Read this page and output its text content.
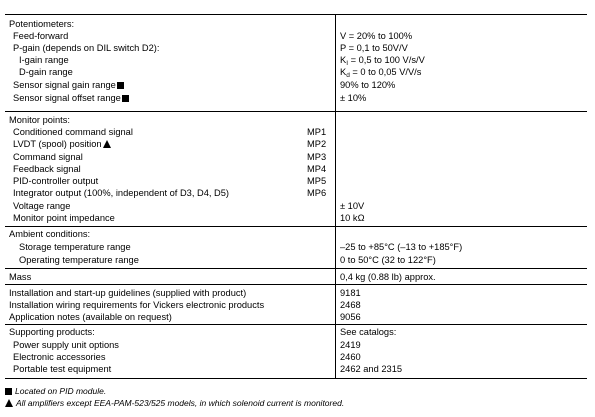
Potentiometers:
Feed-forward	V = 20% to 100%
P-gain (depends on DIL switch D2):	P = 0,1 to 50V/V
I-gain range	$K_I = 0,5$ to 100 V/s/V
D-gain range	$K_d = 0$ to 0,05 V/V/s
Sensor signal gain range	90% to 120%
Sensor signal offset range	± 10%
Monitor points:
Conditioned command signal	MP1
LVDT (spool) position	MP2
Command signal	MP3
Feedback signal	MP4
PID-controller output	MP5
Integrator output (100%, independent of D3, D4, D5)	MP6
Voltage range	± 10V
Monitor point impedance	10 kΩ
Ambient conditions:
Storage temperature range	–25 to +85°C (–13 to +185°F)
Operating temperature range	0 to 50°C (32 to 122°F)
Mass	0,4 kg (0.88 lb) approx.
Installation and start-up guidelines (supplied with product)	9181
Installation wiring requirements for Vickers electronic products	2468
Application notes (available on request)	9056
Supporting products:	See catalogs:
Power supply unit options	2419
Electronic accessories	2460
Portable test equipment	2462 and 2315
Located on PID module.
All amplifiers except EEA-PAM-523/525 models, in which solenoid current is monitored.
